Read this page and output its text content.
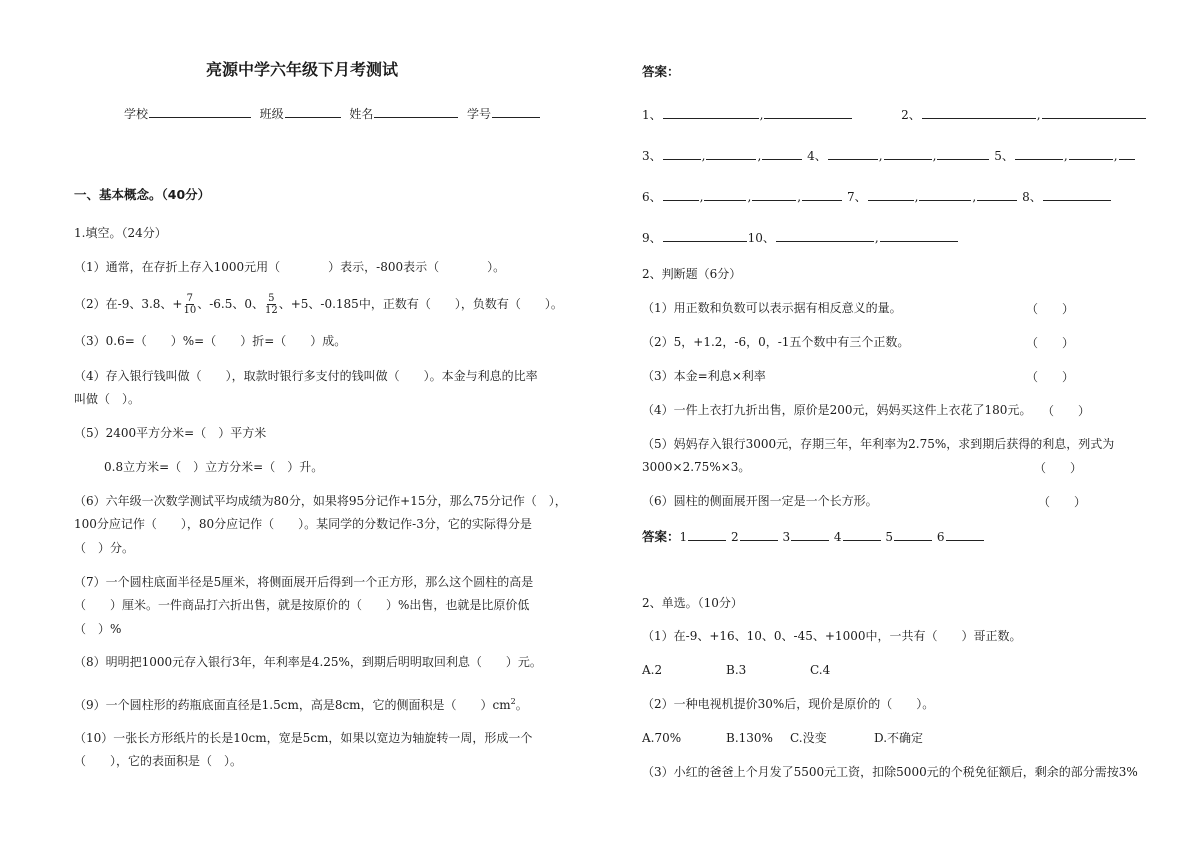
亮源中学六年级下月考测试
学校	班级	姓名	学号
一、基本概念。（40分）
1.填空。（24分）
（1）通常，在存折上存入1000元用（　　　　）表示，-800表示（　　　　）。
（2）在-9、3.8、+ $\frac{7}{10}$ 、-6.5、0、 $\frac{5}{12}$ 、+5、-0.185中，正数有（　　），负数有（　　）。
（3）0.6=（　　）%=（　　）折=（　　）成。
（4）存入银行钱叫做（　　），取款时银行多支付的钱叫做（　　）。本金与利息的比率
叫做（　）。
（5）2400平方分米=（　）平方米
0.8立方米=（　）立方分米=（　）升。
（6）六年级一次数学测试平均成绩为80分，如果将95分记作+15分，那么75分记作（　），
100分应记作（　　），80分应记作（　　）。某同学的分数记作-3分，它的实际得分是
（　）分。
（7）一个圆柱底面半径是5厘米，将侧面展开后得到一个正方形，那么这个圆柱的高是
（　　）厘米。一件商品打六折出售，就是按原价的（　　）%出售，也就是比原价低
（　）%
（8）明明把1000元存入银行3年，年利率是4.25%，到期后明明取回利息（　　）元。
（9）一个圆柱形的药瓶底面直径是1.5cm，高是8cm，它的侧面积是（　　）$cm^2$。
（10）一张长方形纸片的长是10cm，宽是5cm，如果以宽边为轴旋转一周，形成一个
（　　），它的表面积是（　）。
答案：
1、	,	2、	,
3、	,	,	4、	,	,	5、	,	,
6、	,	,	,	7、	,	,	8、
9、	10、	,
2、判断题（6分）
（1）用正数和负数可以表示据有相反意义的量。	（　　）
（2）5，+1.2，-6，0，-1五个数中有三个正数。	（　　）
（3）本金=利息×利率	（　　）
（4）一件上衣打九折出售，原价是200元，妈妈买这件上衣花了180元。 （　　）
（5）妈妈存入银行3000元，存期三年，年利率为2.75%，求到期后获得的利息，列式为
3000×2.75%×3。	（　　）
（6）圆柱的侧面展开图一定是一个长方形。	（　　）
答案：1	2	3	4	5	6
2、单选。（10分）
（1）在-9、+16、10、0、-45、+1000中，一共有（　　）哥正数。
A.2	B.3	C.4
（2）一种电视机提价30%后，现价是原价的（　　）。
A.70%	B.130% C.没变	D.不确定
（3）小红的爸爸上个月发了5500元工资，扣除5000元的个税免征额后，剩余的部分需按3%
